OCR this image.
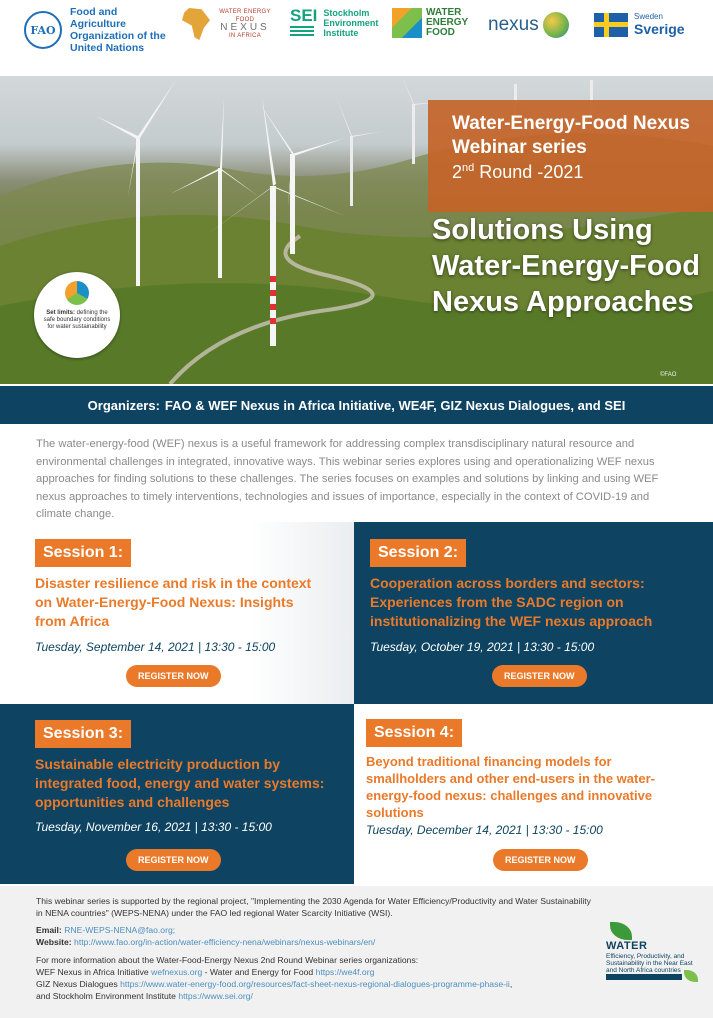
FAO
Food and Agriculture Organization of the United Nations
WATER ENERGY FOOD
NEXUS
IN AFRICA
SEI Stockholm Environment Institute
WATER ENERGY FOOD	nexus	Sweden
Sverige
Water-Energy-Food Nexus Webinar series
2nd Round -2021
Solutions Using Water-Energy-Food Nexus Approaches
Set limits: defining the safe boundary conditions for water sustainability
©FAO
Organizers: FAO & WEF Nexus in Africa Initiative, WE4F, GIZ Nexus Dialogues, and SEI
The water-energy-food (WEF) nexus is a useful framework for addressing complex transdisciplinary natural resource and environmental challenges in integrated, innovative ways. This webinar series explores using and operationalizing WEF nexus approaches for finding solutions to these challenges. The series focuses on examples and solutions by linking and using WEF nexus approaches to timely interventions, technologies and issues of importance, especially in the context of COVID-19 and climate change.
Session 1:
Disaster resilience and risk in the context on Water-Energy-Food Nexus: Insights from Africa
Tuesday, September 14, 2021 | 13:30 - 15:00
REGISTER NOW
Session 2:
Cooperation across borders and sectors: Experiences from the SADC region on institutionalizing the WEF nexus approach
Tuesday, October 19, 2021 | 13:30 - 15:00
REGISTER NOW
Session 3:
Sustainable electricity production by integrated food, energy and water systems: opportunities and challenges
Tuesday, November 16, 2021 | 13:30 - 15:00
REGISTER NOW
Session 4:
Beyond traditional financing models for smallholders and other end-users in the water-energy-food nexus: challenges and innovative solutions
Tuesday, December 14, 2021 | 13:30 - 15:00
REGISTER NOW
This webinar series is supported by the regional project, "Implementing the 2030 Agenda for Water Efficiency/Productivity and Water Sustainability in NENA countries" (WEPS-NENA) under the FAO led regional Water Scarcity Initiative (WSI).
Email: RNE-WEPS-NENA@fao.org;
Website: http://www.fao.org/in-action/water-efficiency-nena/webinars/nexus-webinars/en/
For more information about the Water-Food-Energy Nexus 2nd Round Webinar series organizations:
WEF Nexus in Africa Initiative wefnexus.org - Water and Energy for Food https://we4f.org
GIZ Nexus Dialogues https://www.water-energy-food.org/resources/fact-sheet-nexus-regional-dialogues-programme-phase-ii,
and Stockholm Environment Institute https://www.sei.org/
WATER
Efficiency, Productivity, and Sustainability in the Near East and North Africa countries
